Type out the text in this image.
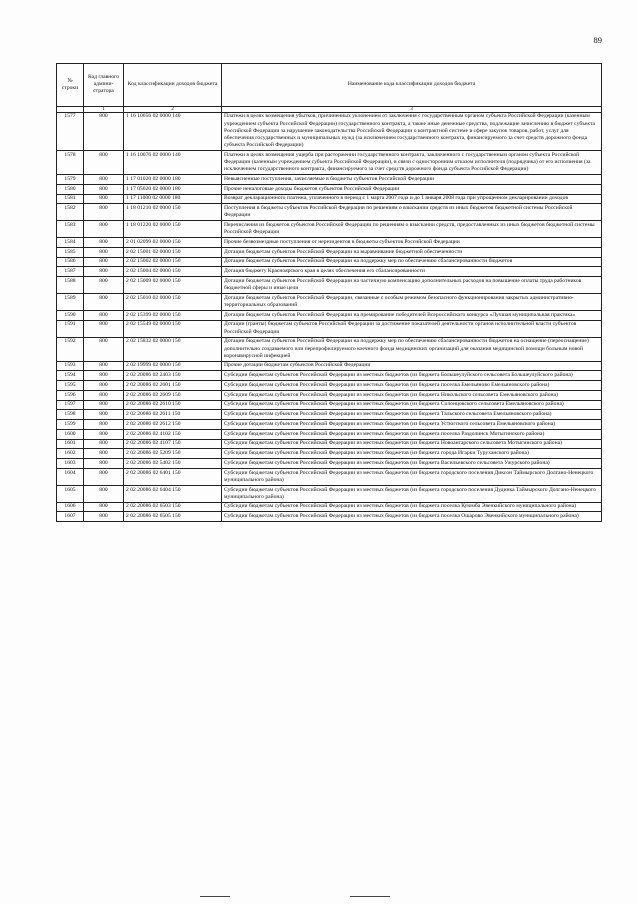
89
№ строки	Код главного админи- стратора	Код классификации доходов бюджета	Наименование кода классификации доходов бюджета
	1	2	3
1577	800	1 16 10056 02 0000 140	Платежи в целях возмещения убытков, причиненных уклонением от заключения с государственным органом субъекта Российской Федерации (казенным учреждением субъекта Российской Федерации) государственного контракта, а также иные денежные средства, подлежащие зачислению в бюджет субъекта Российской Федерации за нарушение законодательства Российской Федерации о контрактной системе в сфере закупок товаров, работ, услуг для обеспечения государственных и муниципальных нужд (за исключением государственного контракта, финансируемого за счет средств дорожного фонда субъекта Российской Федерации)
1578	800	1 16 10076 02 0000 140	Платежи в целях возмещения ущерба при расторжении государственного контракта, заключенного с государственным органом субъекта Российской Федерации (казенным учреждением субъекта Российской Федерации), в связи с односторонним отказом исполнителя (подрядчика) от его исполнения (за исключением государственного контракта, финансируемого за счет средств дорожного фонда субъекта Российской Федерации)
1579	800	1 17 01020 02 0000 180	Невыясненные поступления, зачисляемые в бюджеты субъектов Российской Федерации
1580	800	1 17 05020 02 0000 180	Прочие неналоговые доходы бюджетов субъектов Российской Федерации
1581	800	1 17 11000 02 0000 180	Возврат декларационного платежа, уплаченного в период с 1 марта 2007 года и до 1 января 2008 года при упрощенном декларировании доходов
1582	800	1 18 01210 02 0000 150	Поступления в бюджеты субъектов Российской Федерации по решениям о взыскании средств из иных бюджетов бюджетной системы Российской Федерации
1583	800	1 18 01220 02 0000 150	Перечисления из бюджетов субъектов Российской Федерации по решениям о взыскании средств, предоставленных из иных бюджетов бюджетной системы Российской Федерации
1584	800	2 01 02099 02 0000 150	Прочие безвозмездные поступления от нерезидентов в бюджеты субъектов Российской Федерации
1585	800	2 02 15001 02 0000 150	Дотации бюджетам субъектов Российской Федерации на выравнивание бюджетной обеспеченности
1586	800	2 02 15002 02 0000 150	Дотации бюджетам субъектов Российской Федерации на поддержку мер по обеспечению сбалансированности бюджетов
1587	800	2 02 15004 02 0000 150	Дотация бюджету Красноярского края в целях обеспечения его сбалансированности
1588	800	2 02 15009 02 0000 150	Дотации бюджетам субъектов Российской Федерации на частичную компенсацию дополнительных расходов на повышение оплаты труда работников бюджетной сферы и иные цели
1589	800	2 02 15010 02 0000 150	Дотации бюджетам субъектов Российской Федерации, связанные с особым режимом безопасного функционирования закрытых административно-территориальных образований
1590	800	2 02 15399 02 0000 150	Дотации бюджетам субъектов Российской Федерации на премирование победителей Всероссийского конкурса «Лучшая муниципальная практика»
1591	800	2 02 15549 02 0000 150	Дотации (гранты) бюджетам субъектов Российской Федерации за достижение показателей деятельности органов исполнительной власти субъектов Российской Федерации
1592	800	2 02 15832 02 0000 150	Дотации бюджетам субъектов Российской Федерации на поддержку мер по обеспечению сбалансированности бюджетов на оснащение (переоснащение) дополнительно создаваемого или перепрофилируемого коечного фонда медицинских организаций для оказания медицинской помощи больным новой коронавирусной инфекцией
1593	800	2 02 19999 02 0000 150	Прочие дотации бюджетам субъектов Российской Федерации
1594	800	2 02 20086 02 2403 150	Субсидии бюджетам субъектов Российской Федерации из местных бюджетов (из бюджета Большеулуйского сельсовета Большеулуйского района)
1595	800	2 02 20086 02 2601 150	Субсидии бюджетам субъектов Российской Федерации из местных бюджетов (из бюджета поселка Емельяново Емельяновского района)
1596	800	2 02 20086 02 2609 150	Субсидии бюджетам субъектов Российской Федерации из местных бюджетов (из бюджета Никольского сельсовета Емельяновского района)
1597	800	2 02 20086 02 2610 150	Субсидии бюджетам субъектов Российской Федерации из местных бюджетов (из бюджета Солонцовского сельсовета Емельяновского района)
1598	800	2 02 20086 02 2611 150	Субсидии бюджетам субъектов Российской Федерации из местных бюджетов (из бюджета Тальского сельсовета Емельяновского района)
1599	800	2 02 20086 02 2612 150	Субсидии бюджетам субъектов Российской Федерации из местных бюджетов (из бюджета Устюгского сельсовета Емельяновского района)
1600	800	2 02 20086 02 4102 150	Субсидии бюджетам субъектов Российской Федерации из местных бюджетов (из бюджета поселка Раздолинск Мотыгинского района)
1601	800	2 02 20086 02 4107 150	Субсидии бюджетам субъектов Российской Федерации из местных бюджетов (из бюджета Новоангарского сельсовета Мотыгинского района)
1602	800	2 02 20086 02 5209 150	Субсидии бюджетам субъектов Российской Федерации из местных бюджетов (из бюджета города Игарки Туруханского района)
1603	800	2 02 20086 02 5402 150	Субсидии бюджетам субъектов Российской Федерации из местных бюджетов (из бюджета Васильевского сельсовета Ужурского района)
1604	800	2 02 20086 02 6401 150	Субсидии бюджетам субъектов Российской Федерации из местных бюджетов (из бюджета городского поселения Диксон Таймырского Долгано-Ненецкого муниципального района)
1605	800	2 02 20086 02 6404 150	Субсидии бюджетам субъектов Российской Федерации из местных бюджетов (из бюджета городского поселения Дудинка Таймырского Долгано-Ненецкого муниципального района)
1606	800	2 02 20086 02 6503 150	Субсидии бюджетам субъектов Российской Федерации из местных бюджетов (из бюджета поселка Куюмба Эвенкийского муниципального района)
1607	800	2 02 20086 02 6505 150	Субсидии бюджетам субъектов Российской Федерации из местных бюджетов (из бюджета поселка Ошарово Эвенкийского муниципального района)
